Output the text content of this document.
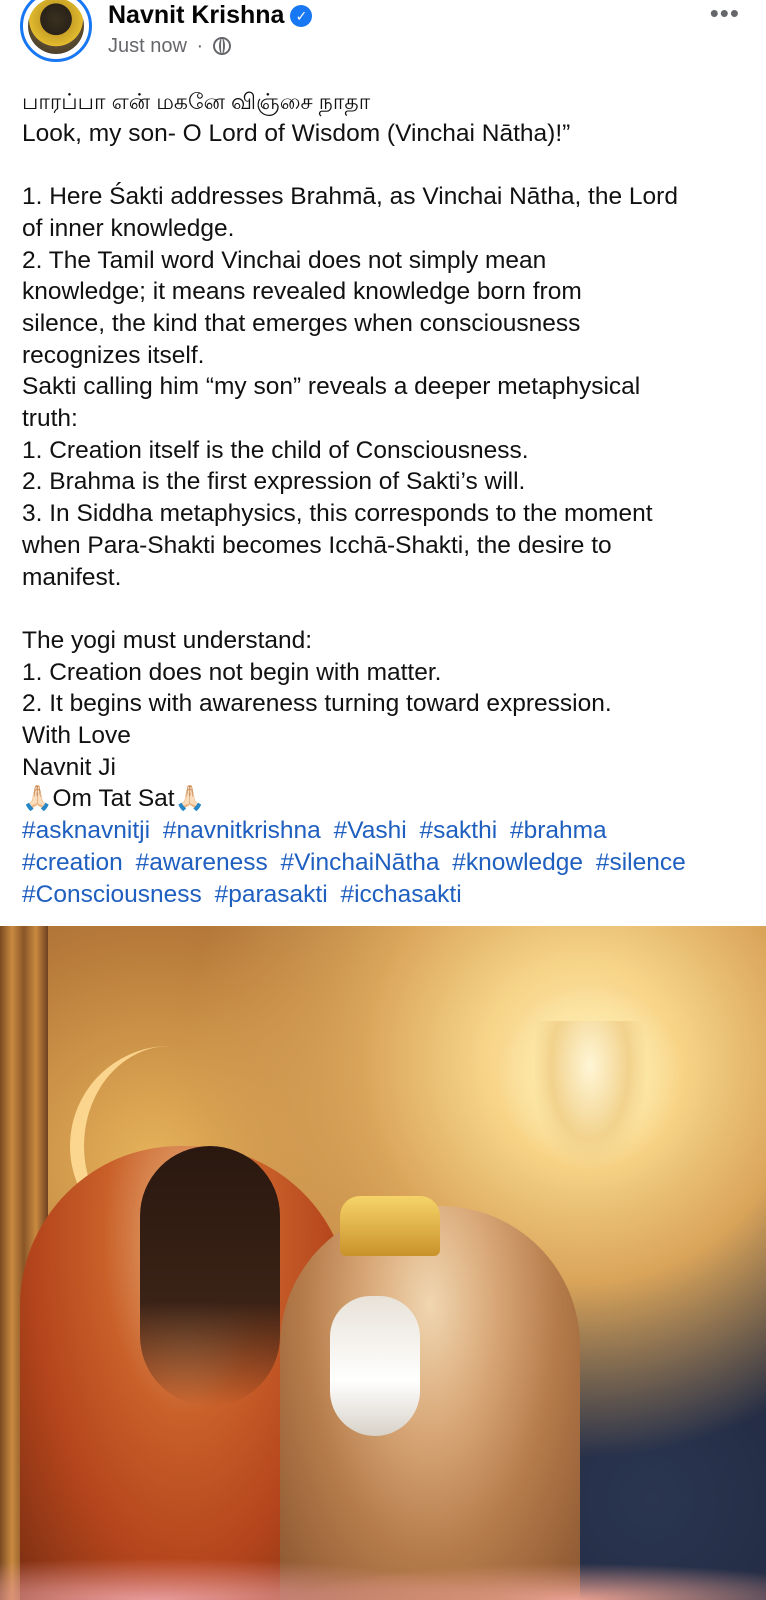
Navnit Krishna ✓
Just now ·
•••
பாரப்பா என் மகனே விஞ்சை நாதா
Look, my son- O Lord of Wisdom (Vinchai Nātha)!”
1. Here Śakti addresses Brahmā, as Vinchai Nātha, the Lord
of inner knowledge.
2. The Tamil word Vinchai does not simply mean
knowledge; it means revealed knowledge born from
silence, the kind that emerges when consciousness
recognizes itself.
Sakti calling him “my son” reveals a deeper metaphysical
truth:
1. Creation itself is the child of Consciousness.
2. Brahma is the first expression of Sakti’s will.
3. In Siddha metaphysics, this corresponds to the moment
when Para-Shakti becomes Icchā-Shakti, the desire to
manifest.
The yogi must understand:
1. Creation does not begin with matter.
2. It begins with awareness turning toward expression.
With Love
Navnit Ji
🙏🏻Om Tat Sat🙏🏻
#asknavnitji #navnitkrishna #Vashi #sakthi #brahma
#creation #awareness #VinchaiNātha #knowledge #silence
#Consciousness #parasakti #icchasakti
